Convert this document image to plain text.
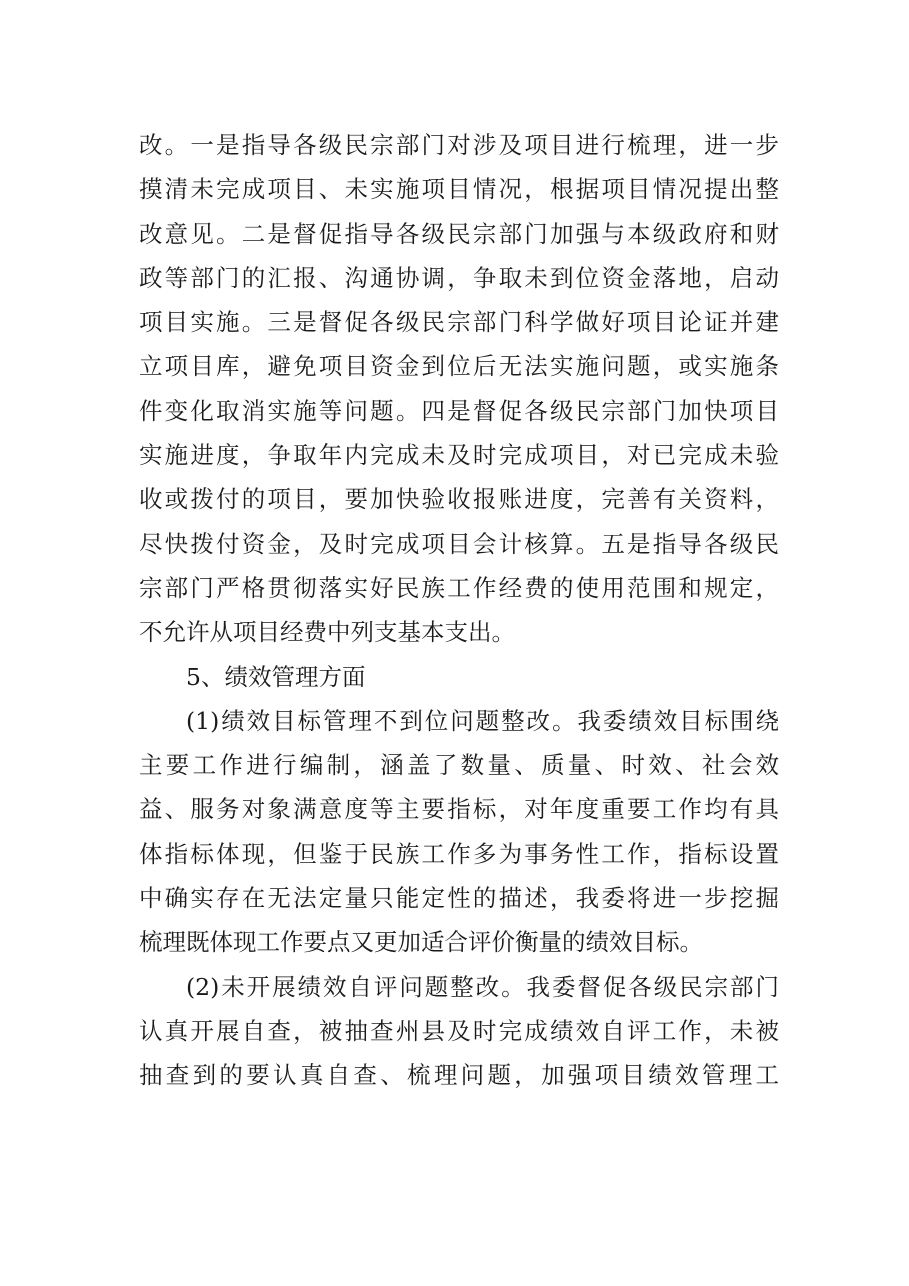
改。一是指导各级民宗部门对涉及项目进行梳理，进一步
摸清未完成项目、未实施项目情况，根据项目情况提出整
改意见。二是督促指导各级民宗部门加强与本级政府和财
政等部门的汇报、沟通协调，争取未到位资金落地，启动
项目实施。三是督促各级民宗部门科学做好项目论证并建
立项目库，避免项目资金到位后无法实施问题，或实施条
件变化取消实施等问题。四是督促各级民宗部门加快项目
实施进度，争取年内完成未及时完成项目，对已完成未验
收或拨付的项目，要加快验收报账进度，完善有关资料，
尽快拨付资金，及时完成项目会计核算。五是指导各级民
宗部门严格贯彻落实好民族工作经费的使用范围和规定，
不允许从项目经费中列支基本支出。
5、绩效管理方面
(1)绩效目标管理不到位问题整改。我委绩效目标围绕
主要工作进行编制，涵盖了数量、质量、时效、社会效
益、服务对象满意度等主要指标，对年度重要工作均有具
体指标体现，但鉴于民族工作多为事务性工作，指标设置
中确实存在无法定量只能定性的描述，我委将进一步挖掘
梳理既体现工作要点又更加适合评价衡量的绩效目标。
(2)未开展绩效自评问题整改。我委督促各级民宗部门
认真开展自查，被抽查州县及时完成绩效自评工作，未被
抽查到的要认真自查、梳理问题，加强项目绩效管理工
